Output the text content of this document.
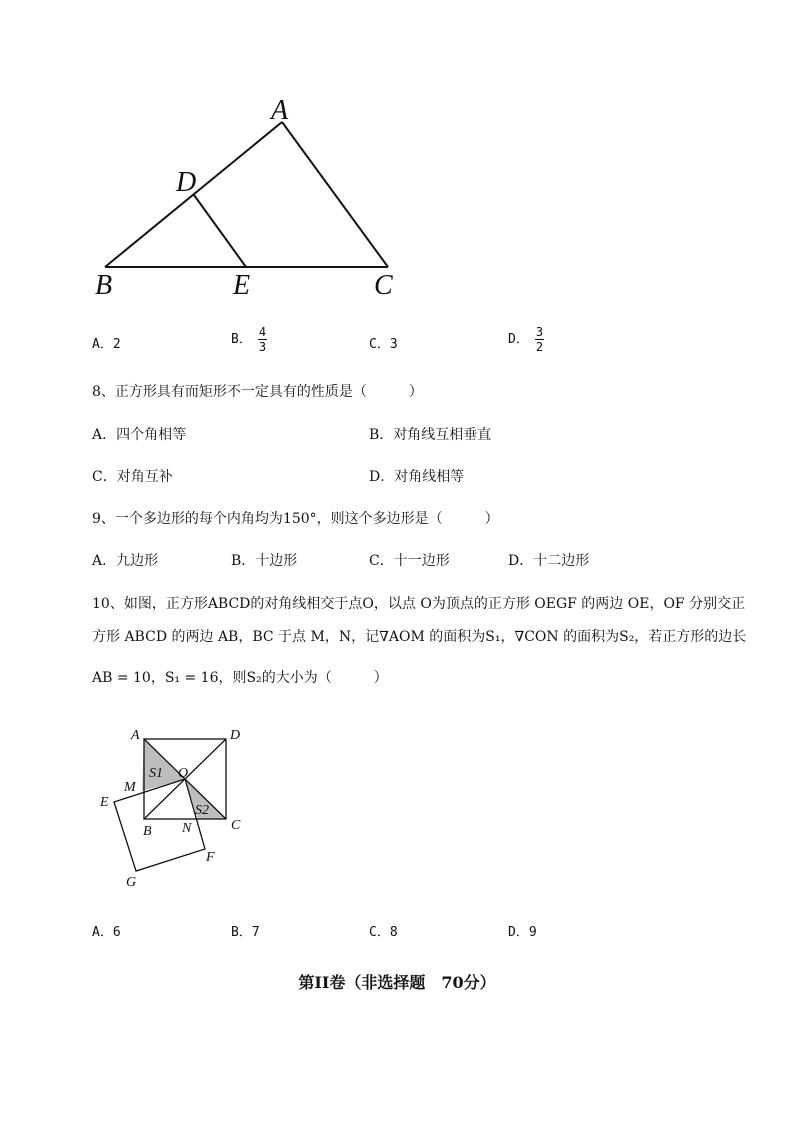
A
D
B	E	C
A．2	B． $\frac{4}{3}$	C．3	D． $\frac{3}{2}$
8、正方形具有而矩形不一定具有的性质是（　　　）
A．四个角相等	B．对角线互相垂直
C．对角互补	D．对角线相等
9、一个多边形的每个内角均为150°，则这个多边形是（　　　）
A．九边形	B．十边形	C．十一边形	D．十二边形
10、如图，正方形ABCD的对角线相交于点O，以点 O为顶点的正方形 OEGF 的两边 OE，OF 分别交正
方形 ABCD 的两边 AB，BC 于点 M，N，记∇AOM 的面积为S₁，∇CON 的面积为S₂，若正方形的边长
AB = 10，S₁ = 16，则S₂的大小为（　　　）
A	D
S1 O
M
E
S2
B N	C
F
G
A．6	B．7	C．8	D．9
第II卷（非选择题　70分）
